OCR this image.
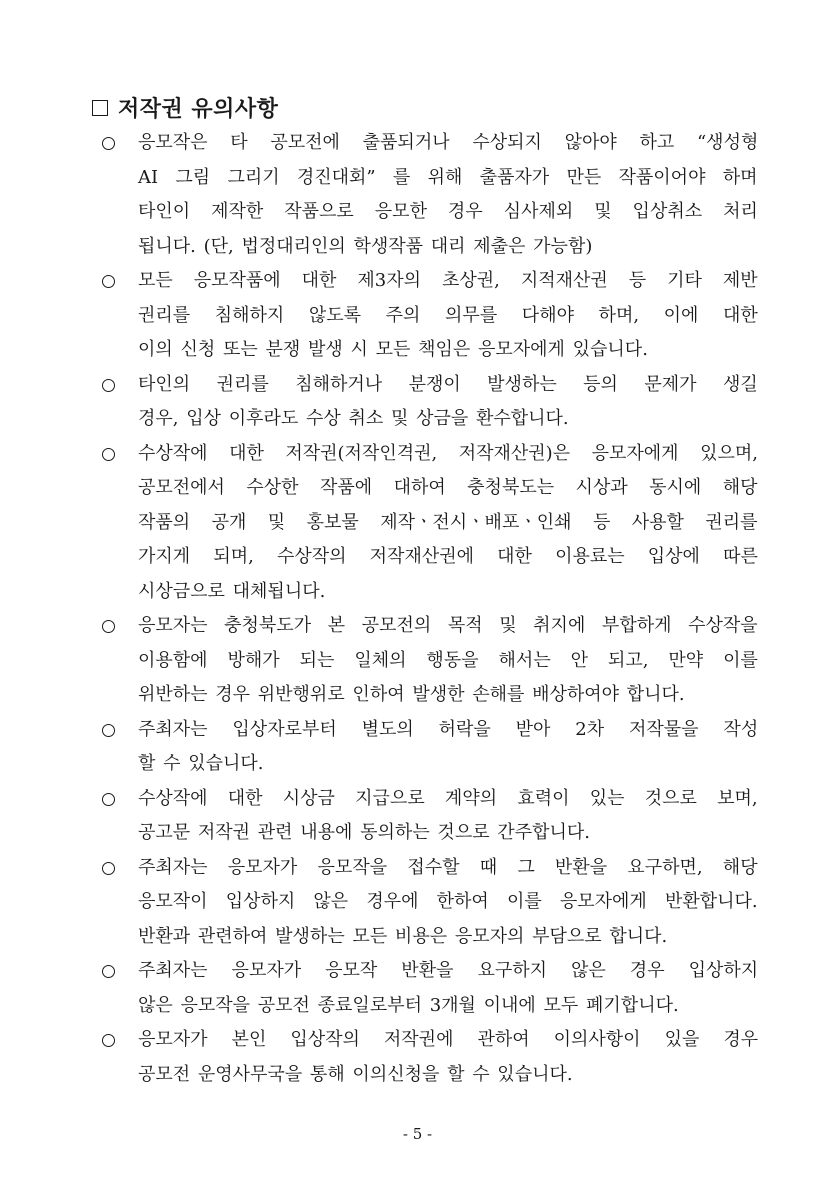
저작권 유의사항
응모작은 타 공모전에 출품되거나 수상되지 않아야 하고 “생성형
AI 그림 그리기 경진대회” 를 위해 출품자가 만든 작품이어야 하며
타인이 제작한 작품으로 응모한 경우 심사제외 및 입상취소 처리
됩니다. (단, 법정대리인의 학생작품 대리 제출은 가능함)
모든 응모작품에 대한 제3자의 초상권, 지적재산권 등 기타 제반
권리를 침해하지 않도록 주의 의무를 다해야 하며, 이에 대한
이의 신청 또는 분쟁 발생 시 모든 책임은 응모자에게 있습니다.
타인의 권리를 침해하거나 분쟁이 발생하는 등의 문제가 생길
경우, 입상 이후라도 수상 취소 및 상금을 환수합니다.
수상작에 대한 저작권(저작인격권, 저작재산권)은 응모자에게 있으며,
공모전에서 수상한 작품에 대하여 충청북도는 시상과 동시에 해당
작품의 공개 및 홍보물 제작ㆍ전시ㆍ배포ㆍ인쇄 등 사용할 권리를
가지게 되며, 수상작의 저작재산권에 대한 이용료는 입상에 따른
시상금으로 대체됩니다.
응모자는 충청북도가 본 공모전의 목적 및 취지에 부합하게 수상작을
이용함에 방해가 되는 일체의 행동을 해서는 안 되고, 만약 이를
위반하는 경우 위반행위로 인하여 발생한 손해를 배상하여야 합니다.
주최자는 입상자로부터 별도의 허락을 받아 2차 저작물을 작성
할 수 있습니다.
수상작에 대한 시상금 지급으로 계약의 효력이 있는 것으로 보며,
공고문 저작권 관련 내용에 동의하는 것으로 간주합니다.
주최자는 응모자가 응모작을 접수할 때 그 반환을 요구하면, 해당
응모작이 입상하지 않은 경우에 한하여 이를 응모자에게 반환합니다.
반환과 관련하여 발생하는 모든 비용은 응모자의 부담으로 합니다.
주최자는 응모자가 응모작 반환을 요구하지 않은 경우 입상하지
않은 응모작을 공모전 종료일로부터 3개월 이내에 모두 폐기합니다.
응모자가 본인 입상작의 저작권에 관하여 이의사항이 있을 경우
공모전 운영사무국을 통해 이의신청을 할 수 있습니다.
- 5 -
